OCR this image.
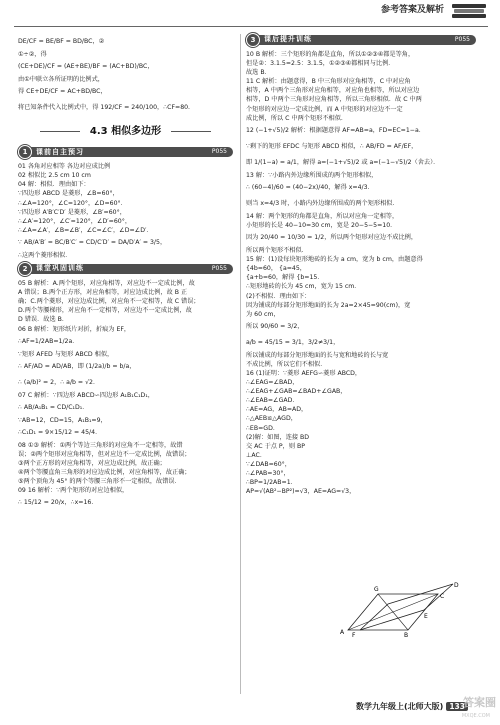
参考答案及解析
DE/CF = BE/BF = BD/BC，②
①÷②，得
(CE+DE)/CF = (AE+BE)/BF = (AC+BD)/BC，
由①中联立各所证明的比例式，
得 CE+DE/CF = AC+BD/BC，
将已知条件代入比例式中，得 192/CF = 240/100，∴CF=80.
4.3 相似多边形
1	课前自主预习	P055
01 各角对应相等 各边对应成比例
02 相似比 2.5 cm 10 cm
04 解：相似．理由如下：
∵四边形 ABCD 是菱形，∠B=60°，
∴∠A=120°，∠C=120°，∠D=60°．
∵四边形 A′B′C′D′ 是菱形，∠B′=60°，
∴∠A′=120°，∠C′=120°，∠D′=60°，
∴∠A=∠A′，∠B=∠B′，∠C=∠C′，∠D=∠D′．
∵ AB/A′B′ = BC/B′C′ = CD/C′D′ = DA/D′A′ = 3/5，
∴这两个菱形相似．
2	课堂巩固训练	P055
05 B 解析：A.两个矩形，对应角相等，对应边不一定成比例，故
A 错误；B.两个正方形，对应角相等，对应边成比例，故 B 正
确；C.两个菱形，对应边成比例，对应角不一定相等，故 C 错误；
D.两个等腰梯形，对应角不一定相等，对应边不一定成比例，故
D 错误．故选 B．
06 B 解析：矩形纸片对折，折痕为 EF，
∴AF=1/2AB=1/2a．
∵矩形 AFED 与矩形 ABCD 相似，
∴ AF/AD = AD/AB，即 (1/2a)/b = b/a，
∴ (a/b)² = 2，∴ a/b = √2．
07 C 解析：∵四边形 ABCD∽四边形 A₁B₁C₁D₁，
∴ AB/A₁B₁ = CD/C₁D₁．
∵AB=12，CD=15，A₁B₁=9，
∴C₁D₁ = 9×15/12 = 45/4．
08 ①③ 解析：①两个等边三角形的对应角不一定相等，故错
误；②两个矩形对应角相等，但对应边不一定成比例，故错误；
③两个正方形的对应角相等，对应边成比例，故正确；
④两个等腰直角三角形的对应边成比例，对应角相等，故正确；
⑤两个顶角为 45° 的两个等腰三角形不一定相似，故错误．
09 16 解析：∵两个矩形的对应边相似，
∴ 15/12 = 20/x，∴x=16．
3	课后提升训练	P055
10 B 解析：三个矩形的角都是直角，所以①②③④都是等角，
但是②：3.1.5=2.5：3.1.5，①②③④都相同与比例．
故选 B．
11 C 解析：由题意得，B 中三角形对应角相等，C 中对应角
相等，A 中两个三角形对应角相等，对应角也相等，所以对应边
相等，D 中两个三角形对应角相等，所以三角形相似．故 C 中两
个矩形的对应边一定成比例，而 A 中矩形的对应边不一定
成比例，所以 C 中两个矩形不相似．
12 (−1+√5)/2 解析：根据题意得 AF=AB=a，FD=EC=1−a．
∵剩下的矩形 EFDC 与矩形 ABCD 相似，∴ AB/FD = AF/EF，
即 1/(1−a) = a/1，解得 a=(−1+√5)/2 或 a=(−1−√5)/2（舍去）．
13 解：∵小路内外边缘所围成的两个矩形相似，
∴ (60−4)/60 = (40−2x)/40，解得 x=4/3．
则当 x=4/3 时，小路内外边缘所围成的两个矩形相似．
14 解：两个矩形的角都是直角，所以对应角一定相等，
小矩形的长是 40−10=30 cm，宽是 20−5−5=10．
因为 20/40 = 10/30 = 1/2，所以两个矩形对应边不成比例，
所以两个矩形不相似．
15 解：(1)设每块矩形地砖的长为 a cm，宽为 b cm，由题意得
{4b=60， {a=45，
{a+b=60，解得 {b=15．
∴矩形地砖的长为 45 cm，宽为 15 cm．
(2)不相似．理由如下：
因为铺成的每部分矩形地面的长为 2a=2×45=90(cm)，宽
为 60 cm，
所以 90/60 = 3/2，
a/b = 45/15 = 3/1，3/2≠3/1，
所以铺成的每部分矩形地面的长与宽和地砖的长与宽
不成比例，所以它们不相似．
16 (1)证明：∵菱形 AEFG∽菱形 ABCD，
∴∠EAG=∠BAD，
∴∠EAG+∠GAB=∠BAD+∠GAB，
∴∠EAB=∠GAD．
∴AE=AG，AB=AD，
∴△AEB≌△AGD，
∴EB=GD．
(2)解：如图，连接 BD
交 AC 于点 P，则 BP
⊥AC．
∵∠DAB=60°，
∴∠PAB=30°，
∴BP=1/2AB=1．
AP=√(AB²−BP²)=√3，AE=AG=√3，
A	B
C
D
E
F
G
数学九年级上(北师大版) 133
答案圈
MXQE.COM
